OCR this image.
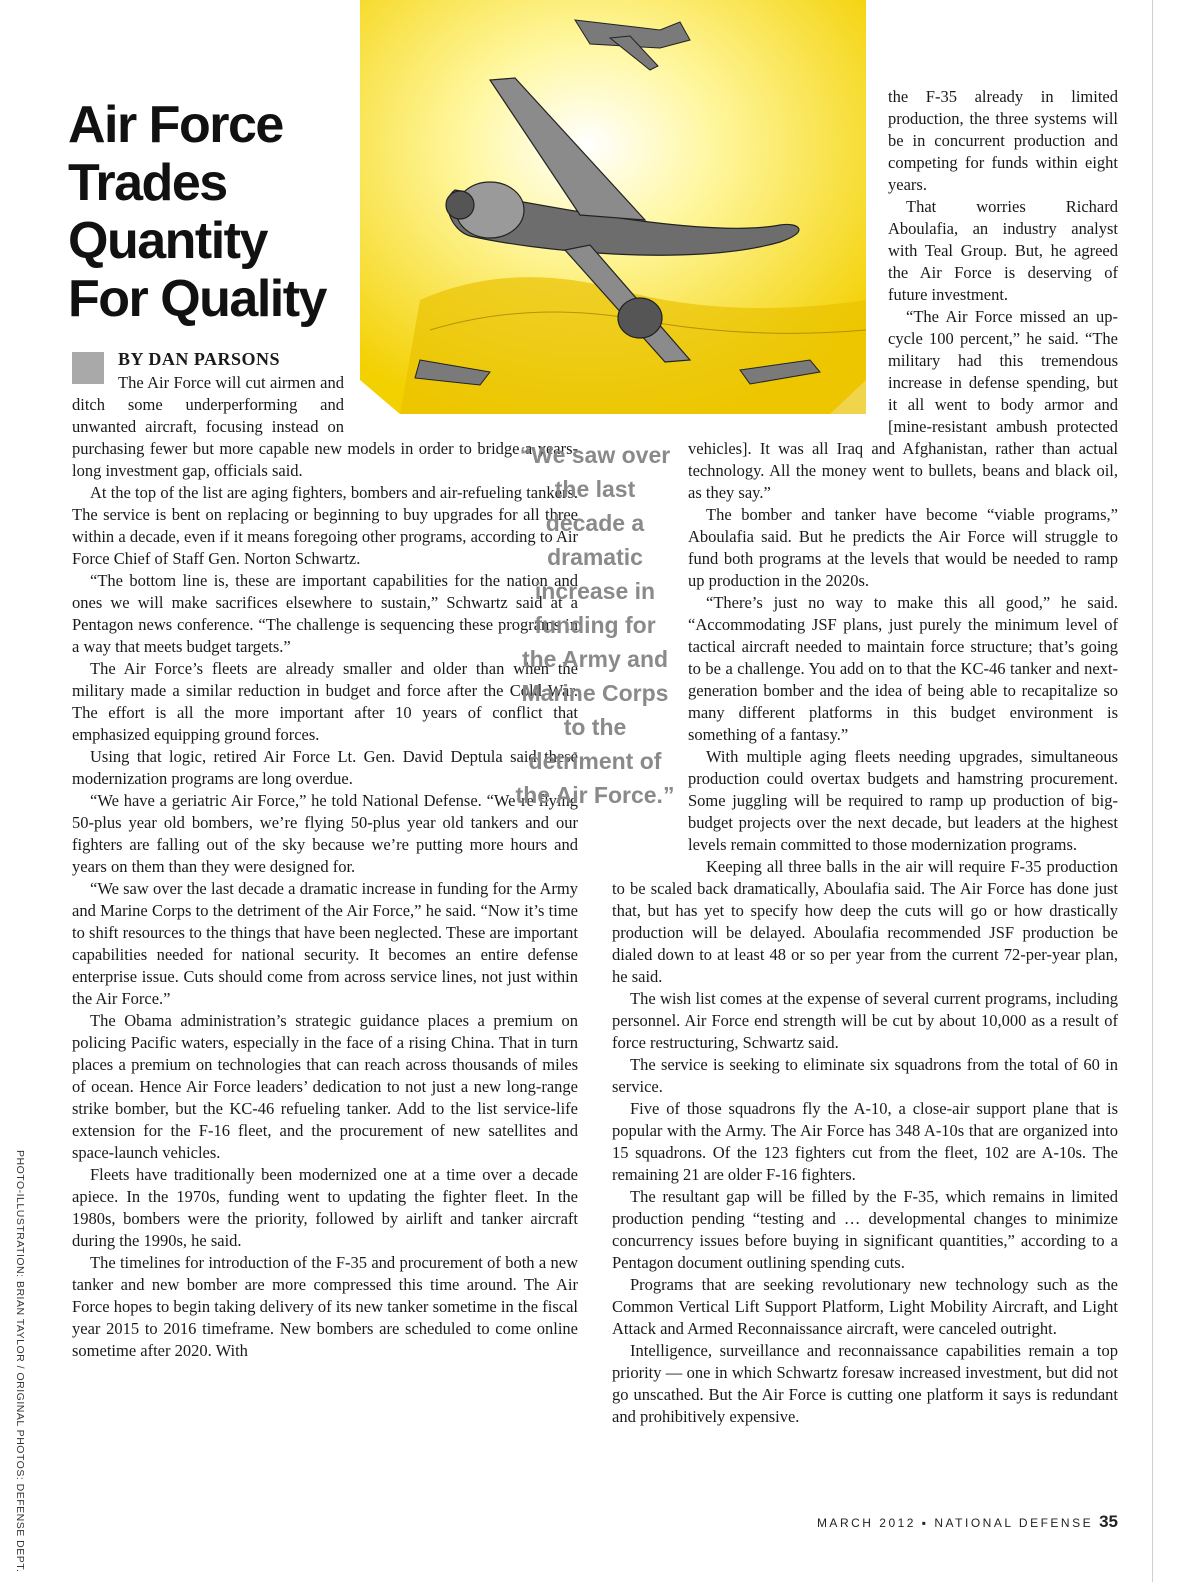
Air Force
Trades
Quantity
For Quality
BY DAN PARSONS

The Air Force will cut airmen and ditch some underperforming and unwanted aircraft, focusing instead on purchasing fewer but more capable new models in order to bridge a years-long investment gap, officials said.

At the top of the list are aging fighters, bombers and air-refueling tankers. The service is bent on replacing or beginning to buy upgrades for all three within a decade, even if it means foregoing other programs, according to Air Force Chief of Staff Gen. Norton Schwartz.

“The bottom line is, these are important capabilities for the nation and ones we will make sacrifices elsewhere to sustain,” Schwartz said at a Pentagon news conference. “The challenge is sequencing these programs in a way that meets budget targets.”

The Air Force’s fleets are already smaller and older than when the military made a similar reduction in budget and force after the Cold War. The effort is all the more important after 10 years of conflict that emphasized equipping ground forces.

Using that logic, retired Air Force Lt. Gen. David Deptula said these modernization programs are long overdue.

“We have a geriatric Air Force,” he told National Defense. “We’re flying 50-plus year old bombers, we’re flying 50-plus year old tankers and our fighters are falling out of the sky because we’re putting more hours and years on them than they were designed for.

“We saw over the last decade a dramatic increase in funding for the Army and Marine Corps to the detriment of the Air Force,” he said. “Now it’s time to shift resources to the things that have been neglected. These are important capabilities needed for national security. It becomes an entire defense enterprise issue. Cuts should come from across service lines, not just within the Air Force.”

The Obama administration’s strategic guidance places a premium on policing Pacific waters, especially in the face of a rising China. That in turn places a premium on technologies that can reach across thousands of miles of ocean. Hence Air Force leaders’ dedication to not just a new long-range strike bomber, but the KC-46 refueling tanker. Add to the list service-life extension for the F-16 fleet, and the procurement of new satellites and space-launch vehicles.

Fleets have traditionally been modernized one at a time over a decade apiece. In the 1970s, funding went to updating the fighter fleet. In the 1980s, bombers were the priority, followed by airlift and tanker aircraft during the 1990s, he said.

The timelines for introduction of the F-35 and procurement of both a new tanker and new bomber are more compressed this time around. The Air Force hopes to begin taking delivery of its new tanker sometime in the fiscal year 2015 to 2016 timeframe. New bombers are scheduled to come online sometime after 2020. With

“We saw over the last decade a dramatic increase in funding for the Army and Marine Corps to the detriment of the Air Force.”

the F-35 already in limited production, the three systems will be in concurrent production and competing for funds within eight years.

That worries Richard Aboulafia, an industry analyst with Teal Group. But, he agreed the Air Force is deserving of future investment.

“The Air Force missed an up-cycle 100 percent,” he said. “The military had this tremendous increase in defense spending, but it all went to body armor and [mine-resistant ambush protected vehicles]. It was all Iraq and Afghanistan, rather than actual technology. All the money went to bullets, beans and black oil, as they say.”

The bomber and tanker have become “viable programs,” Aboulafia said. But he predicts the Air Force will struggle to fund both programs at the levels that would be needed to ramp up production in the 2020s.

“There’s just no way to make this all good,” he said. “Accommodating JSF plans, just purely the minimum level of tactical aircraft needed to maintain force structure; that’s going to be a challenge. You add on to that the KC-46 tanker and next-generation bomber and the idea of being able to recapitalize so many different platforms in this budget environment is something of a fantasy.”

With multiple aging fleets needing upgrades, simultaneous production could overtax budgets and hamstring procurement. Some juggling will be required to ramp up production of big-budget projects over the next decade, but leaders at the highest levels remain committed to those modernization programs.

Keeping all three balls in the air will require F-35 production to be scaled back dramatically, Aboulafia said. The Air Force has done just that, but has yet to specify how deep the cuts will go or how drastically production will be delayed. Aboulafia recommended JSF production be dialed down to at least 48 or so per year from the current 72-per-year plan, he said.

The wish list comes at the expense of several current programs, including personnel. Air Force end strength will be cut by about 10,000 as a result of force restructuring, Schwartz said.

The service is seeking to eliminate six squadrons from the total of 60 in service.

Five of those squadrons fly the A-10, a close-air support plane that is popular with the Army. The Air Force has 348 A-10s that are organized into 15 squadrons. Of the 123 fighters cut from the fleet, 102 are A-10s. The remaining 21 are older F-16 fighters.

The resultant gap will be filled by the F-35, which remains in limited production pending “testing and … developmental changes to minimize concurrency issues before buying in significant quantities,” according to a Pentagon document outlining spending cuts.

Programs that are seeking revolutionary new technology such as the Common Vertical Lift Support Platform, Light Mobility Aircraft, and Light Attack and Armed Reconnaissance aircraft, were canceled outright.

Intelligence, surveillance and reconnaissance capabilities remain a top priority — one in which Schwartz foresaw increased investment, but did not go unscathed. But the Air Force is cutting one platform it says is redundant and prohibitively expensive.

PHOTO-ILLUSTRATION: BRIAN TAYLOR / ORIGINAL PHOTOS: DEFENSE DEPT.	MARCH 2012 ▪ NATIONAL DEFENSE 35
